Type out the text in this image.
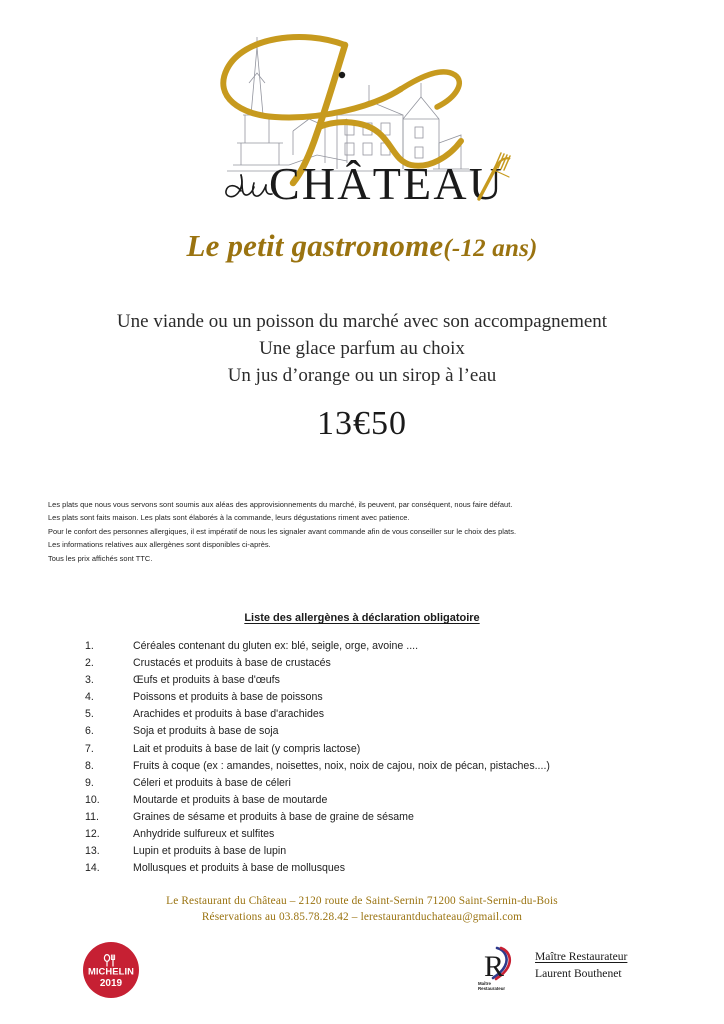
CHÂTEAU
Le petit gastronome(-12 ans)
Une viande ou un poisson du marché avec son accompagnement
Une glace parfum au choix
Un jus d’orange ou un sirop à l’eau
13€50
Les plats que nous vous servons sont soumis aux aléas des approvisionnements du marché, ils peuvent, par conséquent, nous faire défaut.
Les plats sont faits maison. Les plats sont élaborés à la commande, leurs dégustations riment avec patience.
Pour le confort des personnes allergiques, il est impératif de nous les signaler avant commande afin de vous conseiller sur le choix des plats.
Les informations relatives aux allergènes sont disponibles ci-après.
Tous les prix affichés sont TTC.
Liste des allergènes à déclaration obligatoire
1.	Céréales contenant du gluten ex: blé, seigle, orge, avoine ....
2.	Crustacés et produits à base de crustacés
3.	Œufs et produits à base d'œufs
4.	Poissons et produits à base de poissons
5.	Arachides et produits à base d'arachides
6.	Soja et produits à base de soja
7.	Lait et produits à base de lait (y compris lactose)
8.	Fruits à coque (ex : amandes, noisettes, noix, noix de cajou, noix de pécan, pistaches....)
9.	Céleri et produits à base de céleri
10.	Moutarde et produits à base de moutarde
11.	Graines de sésame et produits à base de graine de sésame
12.	Anhydride sulfureux et sulfites
13.	Lupin et produits à base de lupin
14.	Mollusques et produits à base de mollusques
Le Restaurant du Château – 2120 route de Saint-Sernin 71200 Saint-Sernin-du-Bois
Réservations au 03.85.78.28.42 – lerestaurantduchateau@gmail.com
MICHELIN
2019
R
Maître
Restaurateur
Maître Restaurateur
Laurent Bouthenet
